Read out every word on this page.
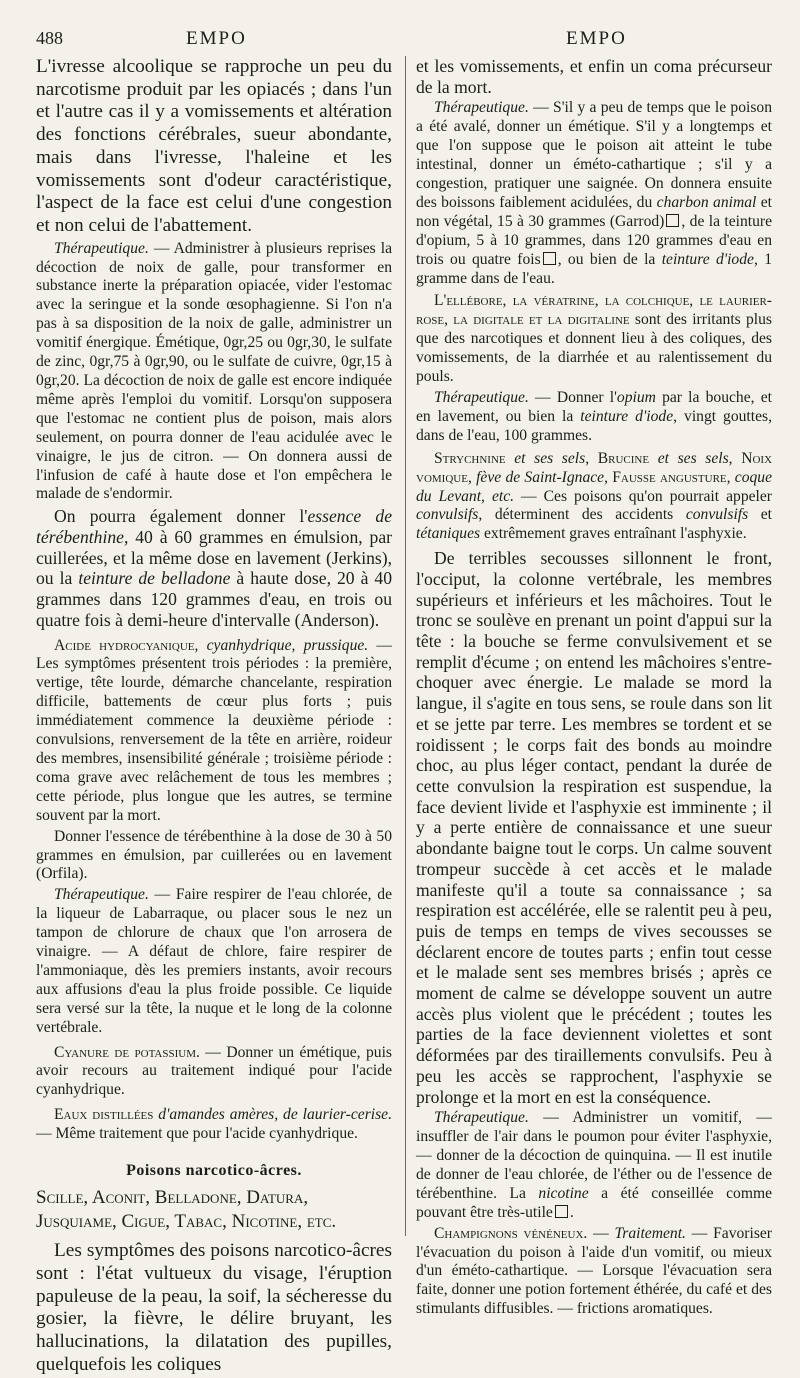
488	EMPO	EMPO

L'ivresse alcoolique se rapproche un peu du narcotisme produit par les opiacés ; dans l'un et l'autre cas il y a vomissements et altération des fonctions cérébrales, sueur abondante, mais dans l'ivresse, l'haleine et les vomissements sont d'odeur caractéristique, l'aspect de la face est celui d'une congestion et non celui de l'abattement.

Thérapeutique. — Administrer à plusieurs reprises la décoction de noix de galle, pour transformer en substance inerte la préparation opiacée, vider l'estomac avec la seringue et la sonde œsophagienne. Si l'on n'a pas à sa disposition de la noix de galle, administrer un vomitif énergique. Émétique, 0gr,25 ou 0gr,30, le sulfate de zinc, 0gr,75 à 0gr,90, ou le sulfate de cuivre, 0gr,15 à 0gr,20. La décoction de noix de galle est encore indiquée même après l'emploi du vomitif. Lorsqu'on supposera que l'estomac ne contient plus de poison, mais alors seulement, on pourra donner de l'eau acidulée avec le vinaigre, le jus de citron. — On donnera aussi de l'infusion de café à haute dose et l'on empêchera le malade de s'endormir.

On pourra également donner l'essence de térébenthine, 40 à 60 grammes en émulsion, par cuillerées, et la même dose en lavement (Jerkins), ou la teinture de belladone à haute dose, 20 à 40 grammes dans 120 grammes d'eau, en trois ou quatre fois à demi-heure d'intervalle (Anderson).

Acide hydrocyanique, cyanhydrique, prussique. — Les symptômes présentent trois périodes : la première, vertige, tête lourde, démarche chancelante, respiration difficile, battements de cœur plus forts ; puis immédiatement commence la deuxième période : convulsions, renversement de la tête en arrière, roideur des membres, insensibilité générale ; troisième période : coma grave avec relâchement de tous les membres ; cette période, plus longue que les autres, se termine souvent par la mort.

Donner l'essence de térébenthine à la dose de 30 à 50 grammes en émulsion, par cuillerées ou en lavement (Orfila).

Thérapeutique. — Faire respirer de l'eau chlorée, de la liqueur de Labarraque, ou placer sous le nez un tampon de chlorure de chaux que l'on arrosera de vinaigre. — A défaut de chlore, faire respirer de l'ammoniaque, dès les premiers instants, avoir recours aux affusions d'eau la plus froide possible. Ce liquide sera versé sur la tête, la nuque et le long de la colonne vertébrale.

Cyanure de potassium. — Donner un émétique, puis avoir recours au traitement indiqué pour l'acide cyanhydrique.

Eaux distillées d'amandes amères, de laurier-cerise. — Même traitement que pour l'acide cyanhydrique.

Poisons narcotico-âcres.
Scille, Aconit, Belladone, Datura, Jusquiame, Cigue, Tabac, Nicotine, etc.

Les symptômes des poisons narcotico-âcres sont : l'état vultueux du visage, l'éruption papuleuse de la peau, la soif, la sécheresse du gosier, la fièvre, le délire bruyant, les hallucinations, la dilatation des pupilles, quelquefois les coliques

et les vomissements, et enfin un coma précurseur de la mort.

Thérapeutique. — S'il y a peu de temps que le poison a été avalé, donner un émétique. S'il y a longtemps et que l'on suppose que le poison ait atteint le tube intestinal, donner un éméto-cathartique ; s'il y a congestion, pratiquer une saignée. On donnera ensuite des boissons faiblement acidulées, du charbon animal et non végétal, 15 à 30 grammes (Garrod) , de la teinture d'opium, 5 à 10 grammes, dans 120 grammes d'eau en trois ou quatre fois , ou bien de la teinture d'iode, 1 gramme dans de l'eau.

L'ellébore, la vératrine, la colchique, le laurier-rose, la digitale et la digitaline sont des irritants plus que des narcotiques et donnent lieu à des coliques, des vomissements, de la diarrhée et au ralentissement du pouls.

Thérapeutique. — Donner l'opium par la bouche, et en lavement, ou bien la teinture d'iode, vingt gouttes, dans de l'eau, 100 grammes.

Strychnine et ses sels, Brucine et ses sels, Noix vomique, fève de Saint-Ignace, Fausse angusture, coque du Levant, etc. — Ces poisons qu'on pourrait appeler convulsifs, déterminent des accidents convulsifs et tétaniques extrêmement graves entraînant l'asphyxie.

De terribles secousses sillonnent le front, l'occiput, la colonne vertébrale, les membres supérieurs et inférieurs et les mâchoires. Tout le tronc se soulève en prenant un point d'appui sur la tête : la bouche se ferme convulsivement et se remplit d'écume ; on entend les mâchoires s'entre-choquer avec énergie. Le malade se mord la langue, il s'agite en tous sens, se roule dans son lit et se jette par terre. Les membres se tordent et se roidissent ; le corps fait des bonds au moindre choc, au plus léger contact, pendant la durée de cette convulsion la respiration est suspendue, la face devient livide et l'asphyxie est imminente ; il y a perte entière de connaissance et une sueur abondante baigne tout le corps. Un calme souvent trompeur succède à cet accès et le malade manifeste qu'il a toute sa connaissance ; sa respiration est accélérée, elle se ralentit peu à peu, puis de temps en temps de vives secousses se déclarent encore de toutes parts ; enfin tout cesse et le malade sent ses membres brisés ; après ce moment de calme se développe souvent un autre accès plus violent que le précédent ; toutes les parties de la face deviennent violettes et sont déformées par des tiraillements convulsifs. Peu à peu les accès se rapprochent, l'asphyxie se prolonge et la mort en est la conséquence.

Thérapeutique. — Administrer un vomitif, — insuffler de l'air dans le poumon pour éviter l'asphyxie, — donner de la décoction de quinquina. — Il est inutile de donner de l'eau chlorée, de l'éther ou de l'essence de térébenthine. La nicotine a été conseillée comme pouvant être très-utile .

Champignons vénéneux. — Traitement. — Favoriser l'évacuation du poison à l'aide d'un vomitif, ou mieux d'un éméto-cathartique. — Lorsque l'évacuation sera faite, donner une potion fortement éthérée, du café et des stimulants diffusibles. — frictions aromatiques.
